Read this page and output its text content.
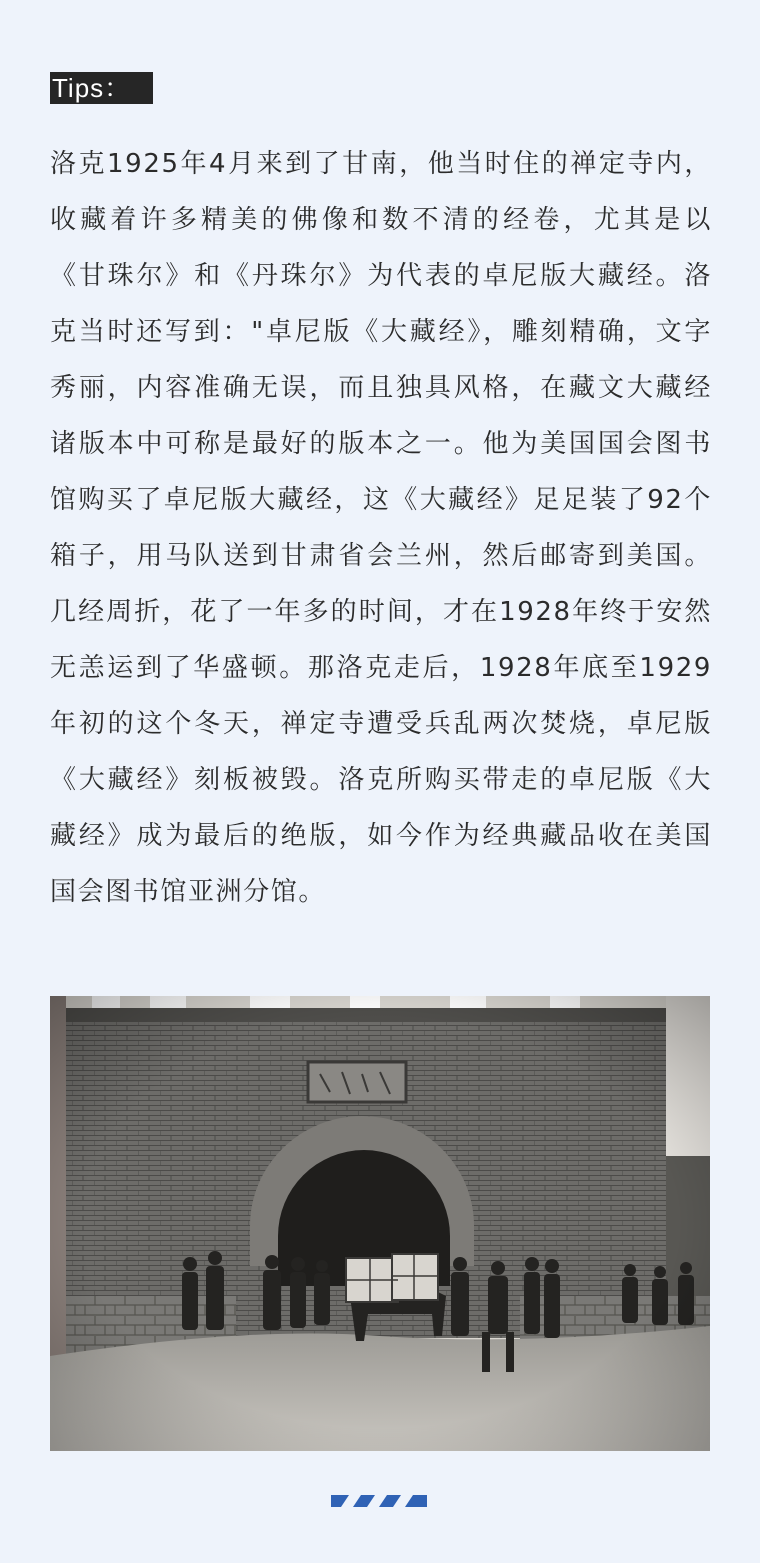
Tips：

洛克1925年4月来到了甘南，他当时住的禅定寺内，收藏着许多精美的佛像和数不清的经卷，尤其是以《甘珠尔》和《丹珠尔》为代表的卓尼版大藏经。洛克当时还写到："卓尼版《大藏经》，雕刻精确，文字秀丽，内容准确无误，而且独具风格，在藏文大藏经诸版本中可称是最好的版本之一。他为美国国会图书馆购买了卓尼版大藏经，这《大藏经》足足装了92个箱子，用马队送到甘肃省会兰州，然后邮寄到美国。几经周折，花了一年多的时间，才在1928年终于安然无恙运到了华盛顿。那洛克走后，1928年底至1929年初的这个冬天，禅定寺遭受兵乱两次焚烧，卓尼版《大藏经》刻板被毁。洛克所购买带走的卓尼版《大藏经》成为最后的绝版，如今作为经典藏品收在美国国会图书馆亚洲分馆。
